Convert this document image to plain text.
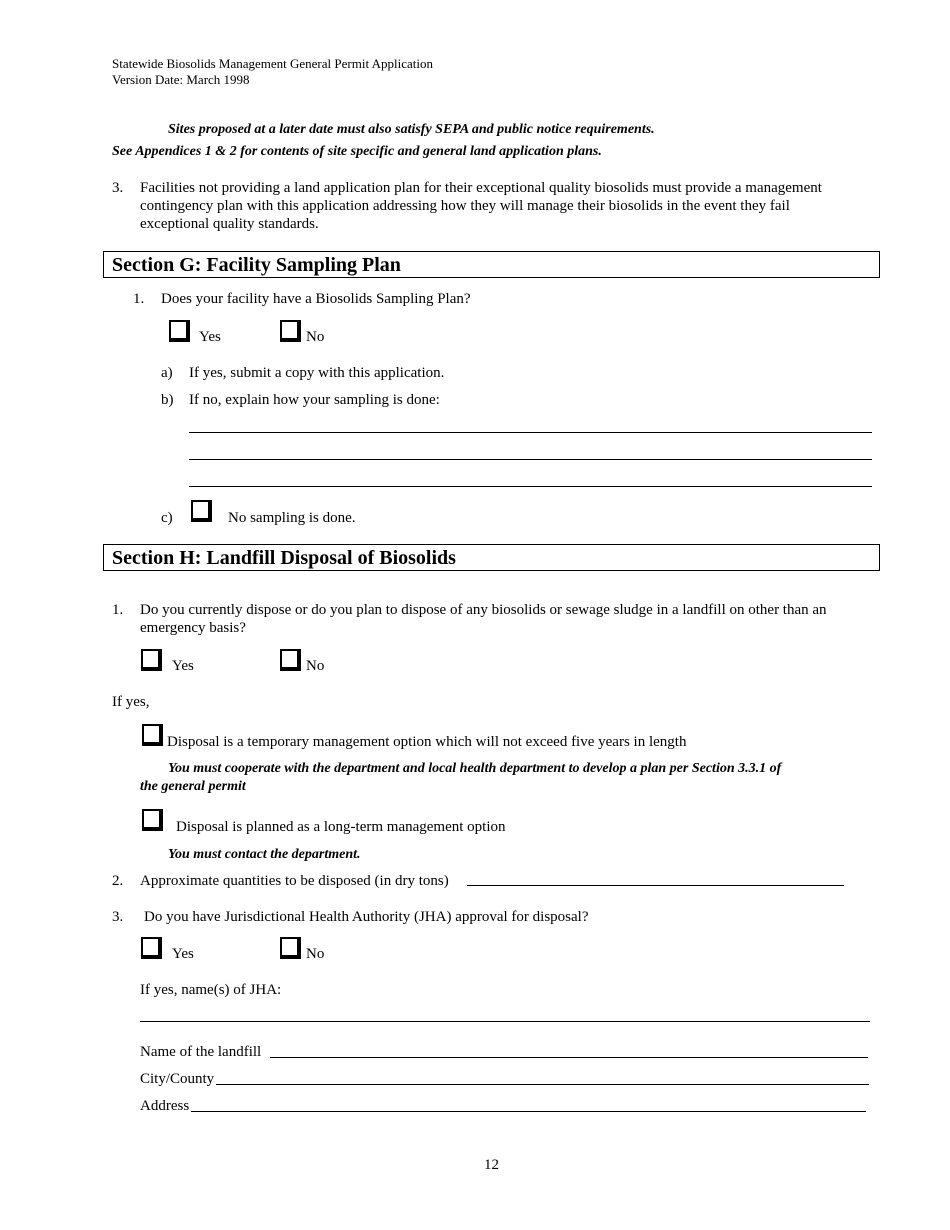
Statewide Biosolids Management General Permit Application
Version Date: March 1998
Sites proposed at a later date must also satisfy SEPA and public notice requirements.
See Appendices 1 & 2 for contents of site specific and general land application plans.
3. Facilities not providing a land application plan for their exceptional quality biosolids must provide a management contingency plan with this application addressing how they will manage their biosolids in the event they fail exceptional quality standards.
Section G: Facility Sampling Plan
1. Does your facility have a Biosolids Sampling Plan?
Yes	No
a) If yes, submit a copy with this application.
b) If no, explain how your sampling is done:
c)	No sampling is done.
Section H: Landfill Disposal of Biosolids
1. Do you currently dispose or do you plan to dispose of any biosolids or sewage sludge in a landfill on other than an emergency basis?
Yes	No
If yes,
Disposal is a temporary management option which will not exceed five years in length
You must cooperate with the department and local health department to develop a plan per Section 3.3.1 of
the general permit
Disposal is planned as a long-term management option
You must contact the department.
2. Approximate quantities to be disposed (in dry tons)
3. Do you have Jurisdictional Health Authority (JHA) approval for disposal?
Yes	No
If yes, name(s) of JHA:
Name of the landfill
City/County
Address
12
